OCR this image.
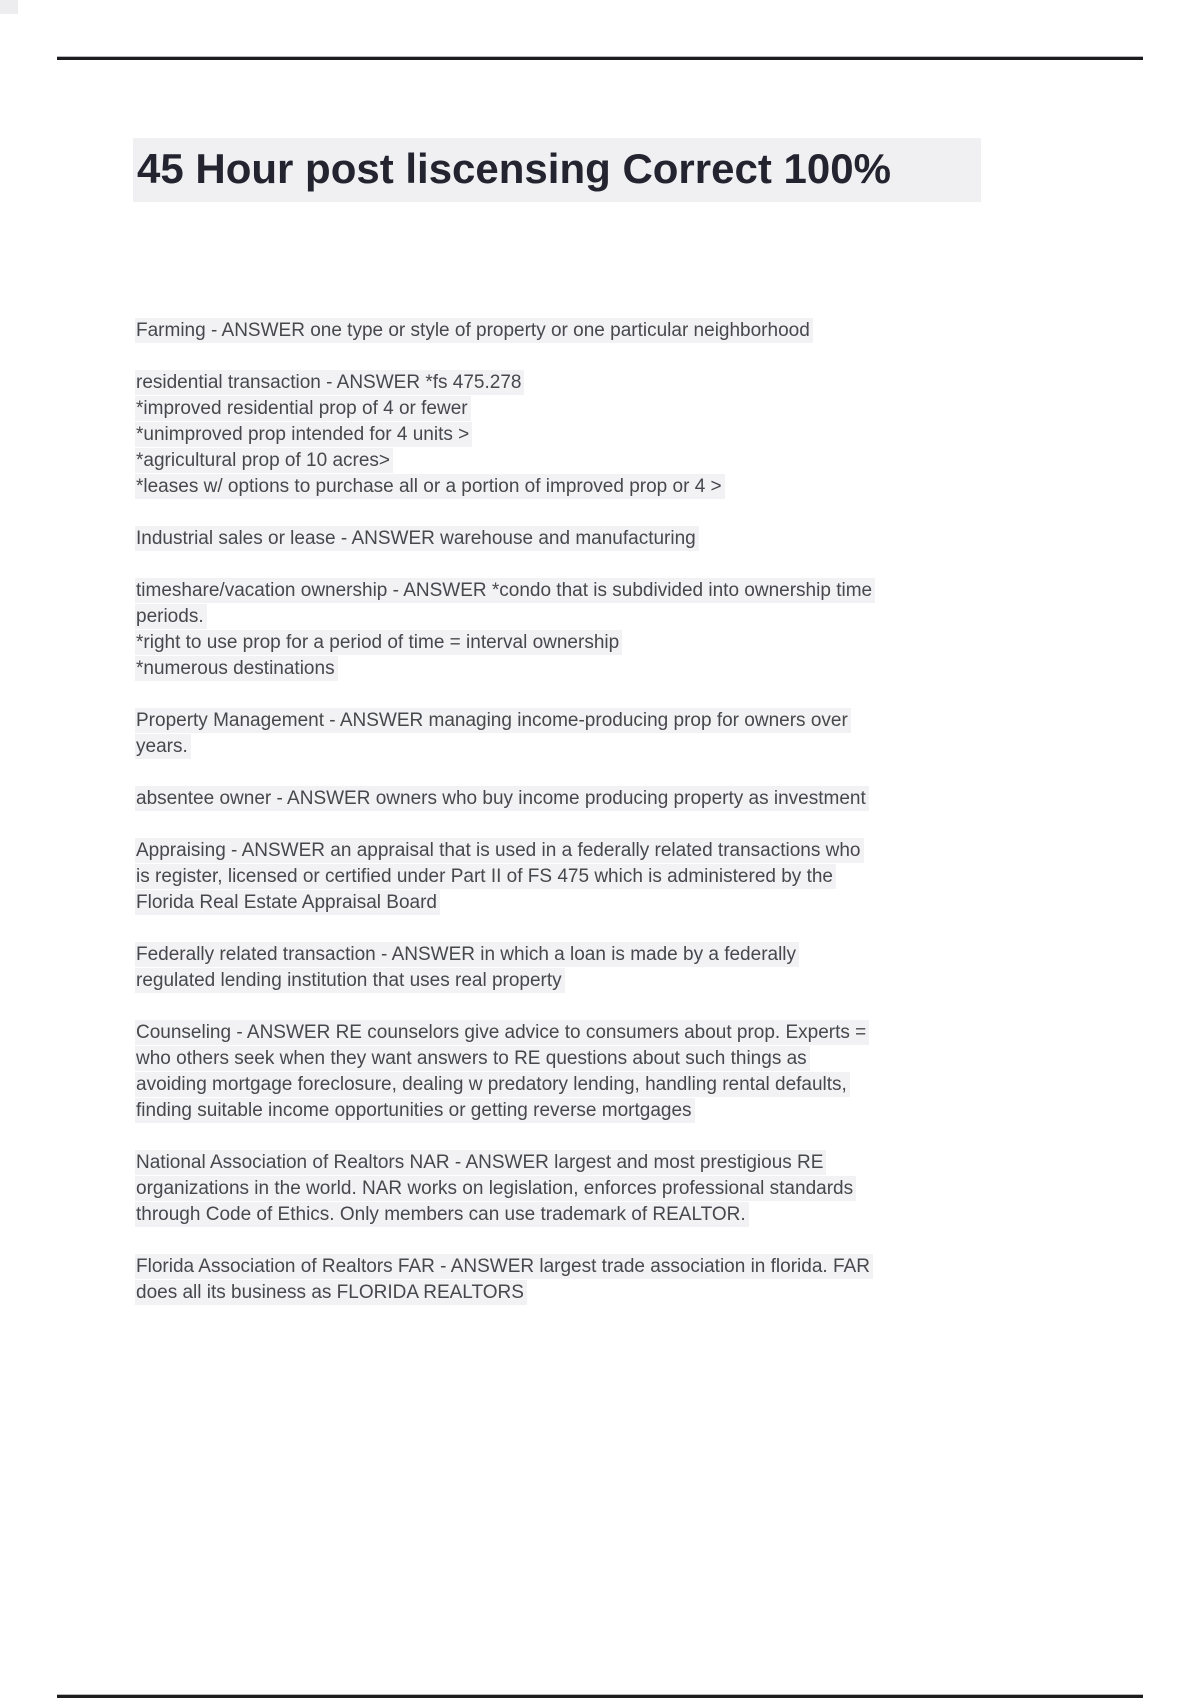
45 Hour post liscensing Correct 100%
Farming - ANSWER one type or style of property or one particular neighborhood
residential transaction - ANSWER *fs 475.278
*improved residential prop of 4 or fewer
*unimproved prop intended for 4 units >
*agricultural prop of 10 acres>
*leases w/ options to purchase all or a portion of improved prop or 4 >
Industrial sales or lease - ANSWER warehouse and manufacturing
timeshare/vacation ownership - ANSWER *condo that is subdivided into ownership time
periods.
*right to use prop for a period of time = interval ownership
*numerous destinations
Property Management - ANSWER managing income-producing prop for owners over
years.
absentee owner - ANSWER owners who buy income producing property as investment
Appraising - ANSWER an appraisal that is used in a federally related transactions who
is register, licensed or certified under Part II of FS 475 which is administered by the
Florida Real Estate Appraisal Board
Federally related transaction - ANSWER in which a loan is made by a federally
regulated lending institution that uses real property
Counseling - ANSWER RE counselors give advice to consumers about prop. Experts =
who others seek when they want answers to RE questions about such things as
avoiding mortgage foreclosure, dealing w predatory lending, handling rental defaults,
finding suitable income opportunities or getting reverse mortgages
National Association of Realtors NAR - ANSWER largest and most prestigious RE
organizations in the world. NAR works on legislation, enforces professional standards
through Code of Ethics. Only members can use trademark of REALTOR.
Florida Association of Realtors FAR - ANSWER largest trade association in florida. FAR
does all its business as FLORIDA REALTORS
